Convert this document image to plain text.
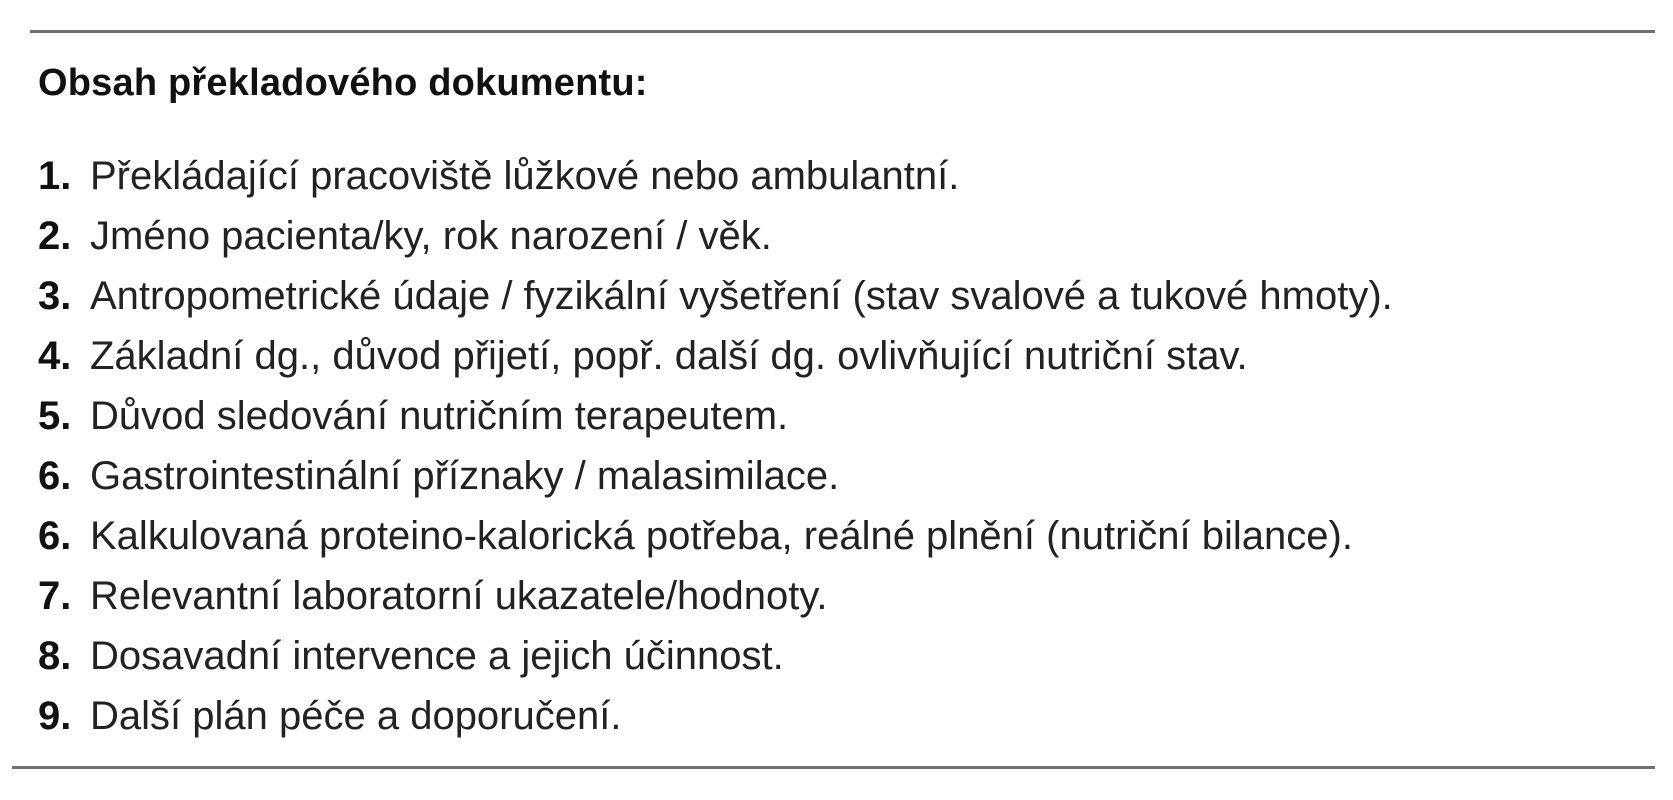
Obsah překladového dokumentu:
1. Překládající pracoviště lůžkové nebo ambulantní.
2. Jméno pacienta/ky, rok narození / věk.
3. Antropometrické údaje / fyzikální vyšetření (stav svalové a tukové hmoty).
4. Základní dg., důvod přijetí, popř. další dg. ovlivňující nutriční stav.
5. Důvod sledování nutričním terapeutem.
6. Gastrointestinální příznaky / malasimilace.
6. Kalkulovaná proteino-kalorická potřeba, reálné plnění (nutriční bilance).
7. Relevantní laboratorní ukazatele/hodnoty.
8. Dosavadní intervence a jejich účinnost.
9. Další plán péče a doporučení.
